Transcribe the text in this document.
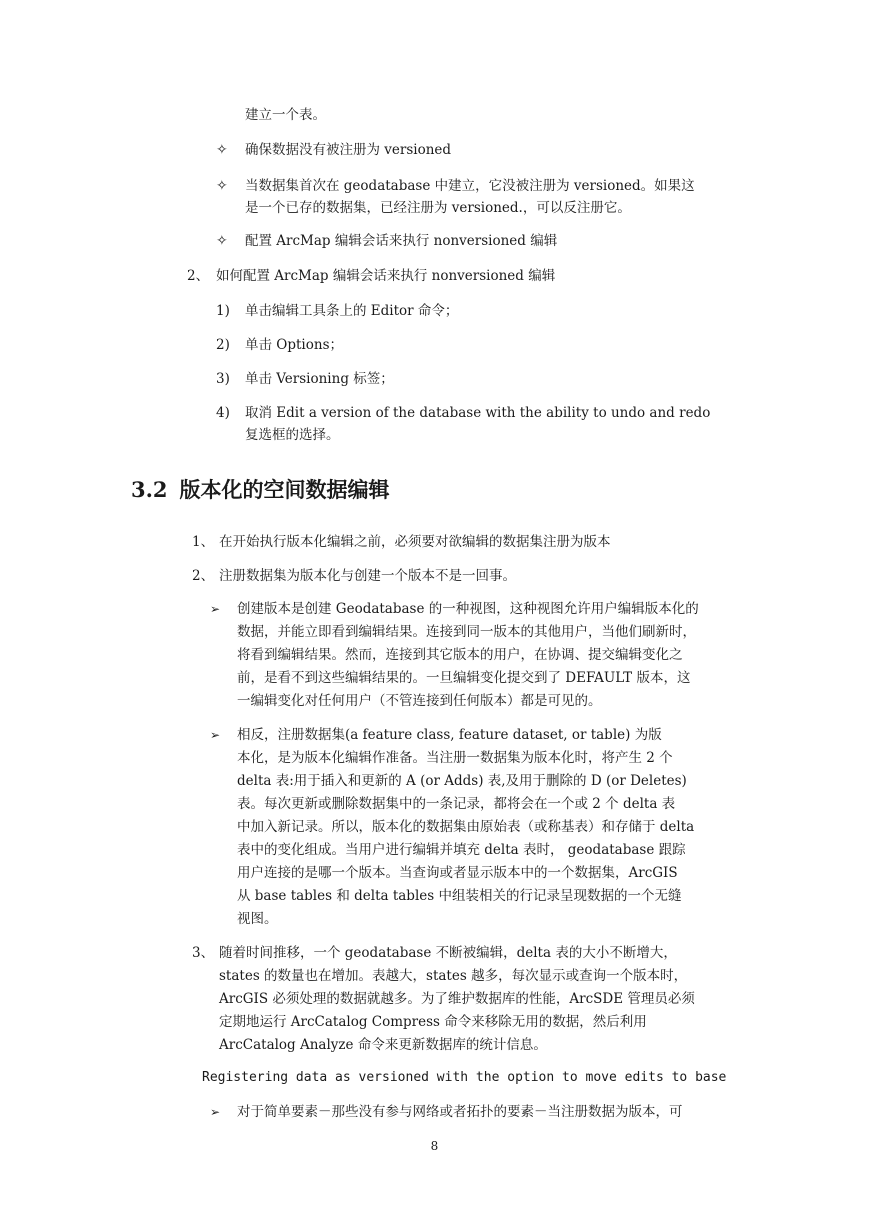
建立一个表。
✧ 确保数据没有被注册为 versioned
✧ 当数据集首次在 geodatabase 中建立，它没被注册为 versioned。如果这
是一个已存的数据集，已经注册为 versioned.，可以反注册它。
✧ 配置 ArcMap 编辑会话来执行 nonversioned 编辑
2、 如何配置 ArcMap 编辑会话来执行 nonversioned 编辑
1) 单击编辑工具条上的 Editor 命令；
2) 单击 Options；
3) 单击 Versioning 标签；
4) 取消 Edit a version of the database with the ability to undo and redo
复选框的选择。
3.2 版本化的空间数据编辑
1、 在开始执行版本化编辑之前，必须要对欲编辑的数据集注册为版本
2、 注册数据集为版本化与创建一个版本不是一回事。
➢ 创建版本是创建 Geodatabase 的一种视图，这种视图允许用户编辑版本化的
数据，并能立即看到编辑结果。连接到同一版本的其他用户，当他们刷新时，
将看到编辑结果。然而，连接到其它版本的用户，在协调、提交编辑变化之
前，是看不到这些编辑结果的。一旦编辑变化提交到了 DEFAULT 版本，这
一编辑变化对任何用户（不管连接到任何版本）都是可见的。
➢ 相反，注册数据集(a feature class, feature dataset, or table) 为版
本化，是为版本化编辑作准备。当注册一数据集为版本化时，将产生 2 个
delta 表:用于插入和更新的 A (or Adds) 表,及用于删除的 D (or Deletes)
表。每次更新或删除数据集中的一条记录，都将会在一个或 2 个 delta 表
中加入新记录。所以，版本化的数据集由原始表（或称基表）和存储于 delta
表中的变化组成。当用户进行编辑并填充 delta 表时， geodatabase 跟踪
用户连接的是哪一个版本。当查询或者显示版本中的一个数据集，ArcGIS
从 base tables 和 delta tables 中组装相关的行记录呈现数据的一个无缝
视图。
3、 随着时间推移，一个 geodatabase 不断被编辑，delta 表的大小不断增大，
states 的数量也在增加。表越大，states 越多，每次显示或查询一个版本时，
ArcGIS 必须处理的数据就越多。为了维护数据库的性能，ArcSDE 管理员必须
定期地运行 ArcCatalog Compress 命令来移除无用的数据，然后利用
ArcCatalog Analyze 命令来更新数据库的统计信息。
Registering data as versioned with the option to move edits to base
➢ 对于简单要素－那些没有参与网络或者拓扑的要素－当注册数据为版本，可
8
